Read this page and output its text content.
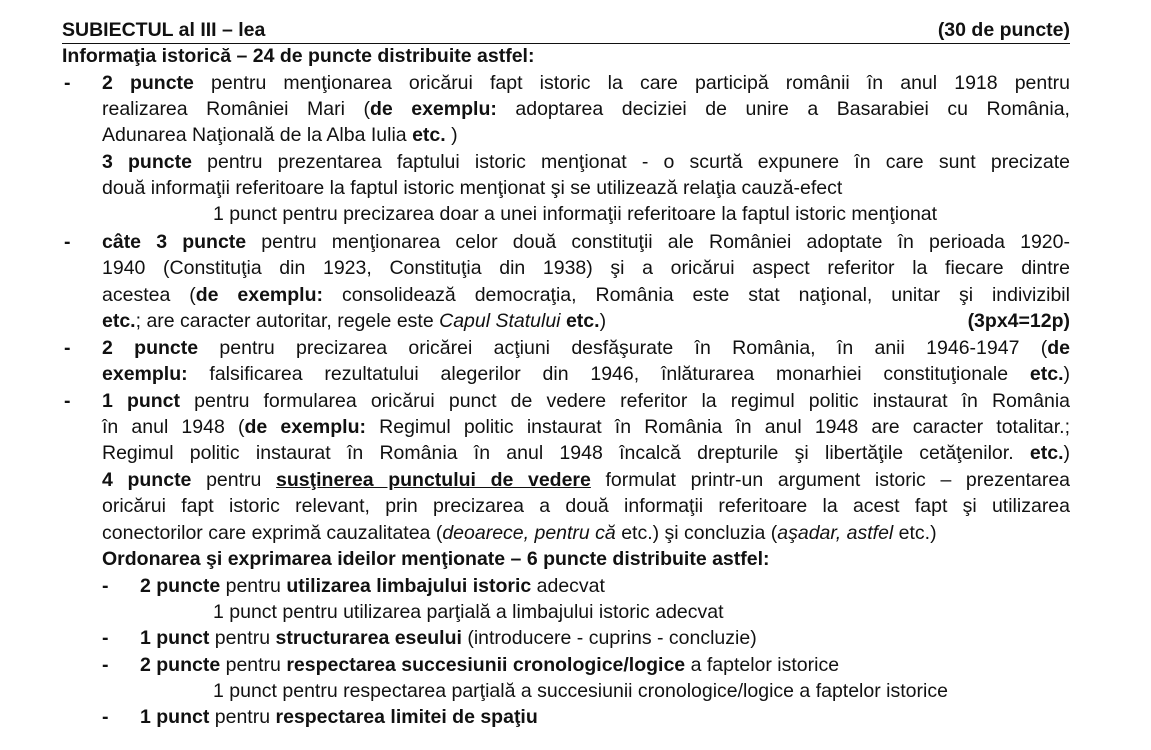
SUBIECTUL al III – lea	(30 de puncte)
Informaţia istorică – 24 de puncte distribuite astfel:
-	2 puncte pentru menţionarea oricărui fapt istoric la care participă românii în anul 1918 pentru
realizarea României Mari (de exemplu: adoptarea deciziei de unire a Basarabiei cu România,
Adunarea Naţională de la Alba Iulia etc. )
3 puncte pentru prezentarea faptului istoric menţionat - o scurtă expunere în care sunt precizate
două informaţii referitoare la faptul istoric menţionat şi se utilizează relaţia cauză-efect
1 punct pentru precizarea doar a unei informaţii referitoare la faptul istoric menţionat
-	câte 3 puncte pentru menţionarea celor două constituţii ale României adoptate în perioada 1920-
1940 (Constituţia din 1923, Constituţia din 1938) şi a oricărui aspect referitor la fiecare dintre
acestea (de exemplu: consolidează democraţia, România este stat naţional, unitar şi indivizibil
etc.; are caracter autoritar, regele este Capul Statului etc.)	(3px4=12p)
-	2 puncte pentru precizarea oricărei acţiuni desfăşurate în România, în anii 1946-1947 (de
exemplu: falsificarea rezultatului alegerilor din 1946, înlăturarea monarhiei constituţionale etc.)
-	1 punct pentru formularea oricărui punct de vedere referitor la regimul politic instaurat în România
în anul 1948 (de exemplu: Regimul politic instaurat în România în anul 1948 are caracter totalitar.;
Regimul politic instaurat în România în anul 1948 încalcă drepturile şi libertăţile cetăţenilor. etc.)
4 puncte pentru susţinerea punctului de vedere formulat printr-un argument istoric – prezentarea
oricărui fapt istoric relevant, prin precizarea a două informaţii referitoare la acest fapt şi utilizarea
conectorilor care exprimă cauzalitatea (deoarece, pentru că etc.) şi concluzia (aşadar, astfel etc.)
Ordonarea şi exprimarea ideilor menţionate – 6 puncte distribuite astfel:
-	2 puncte pentru utilizarea limbajului istoric adecvat
1 punct pentru utilizarea parţială a limbajului istoric adecvat
-	1 punct pentru structurarea eseului (introducere - cuprins - concluzie)
-	2 puncte pentru respectarea succesiunii cronologice/logice a faptelor istorice
1 punct pentru respectarea parţială a succesiunii cronologice/logice a faptelor istorice
-	1 punct pentru respectarea limitei de spaţiu
